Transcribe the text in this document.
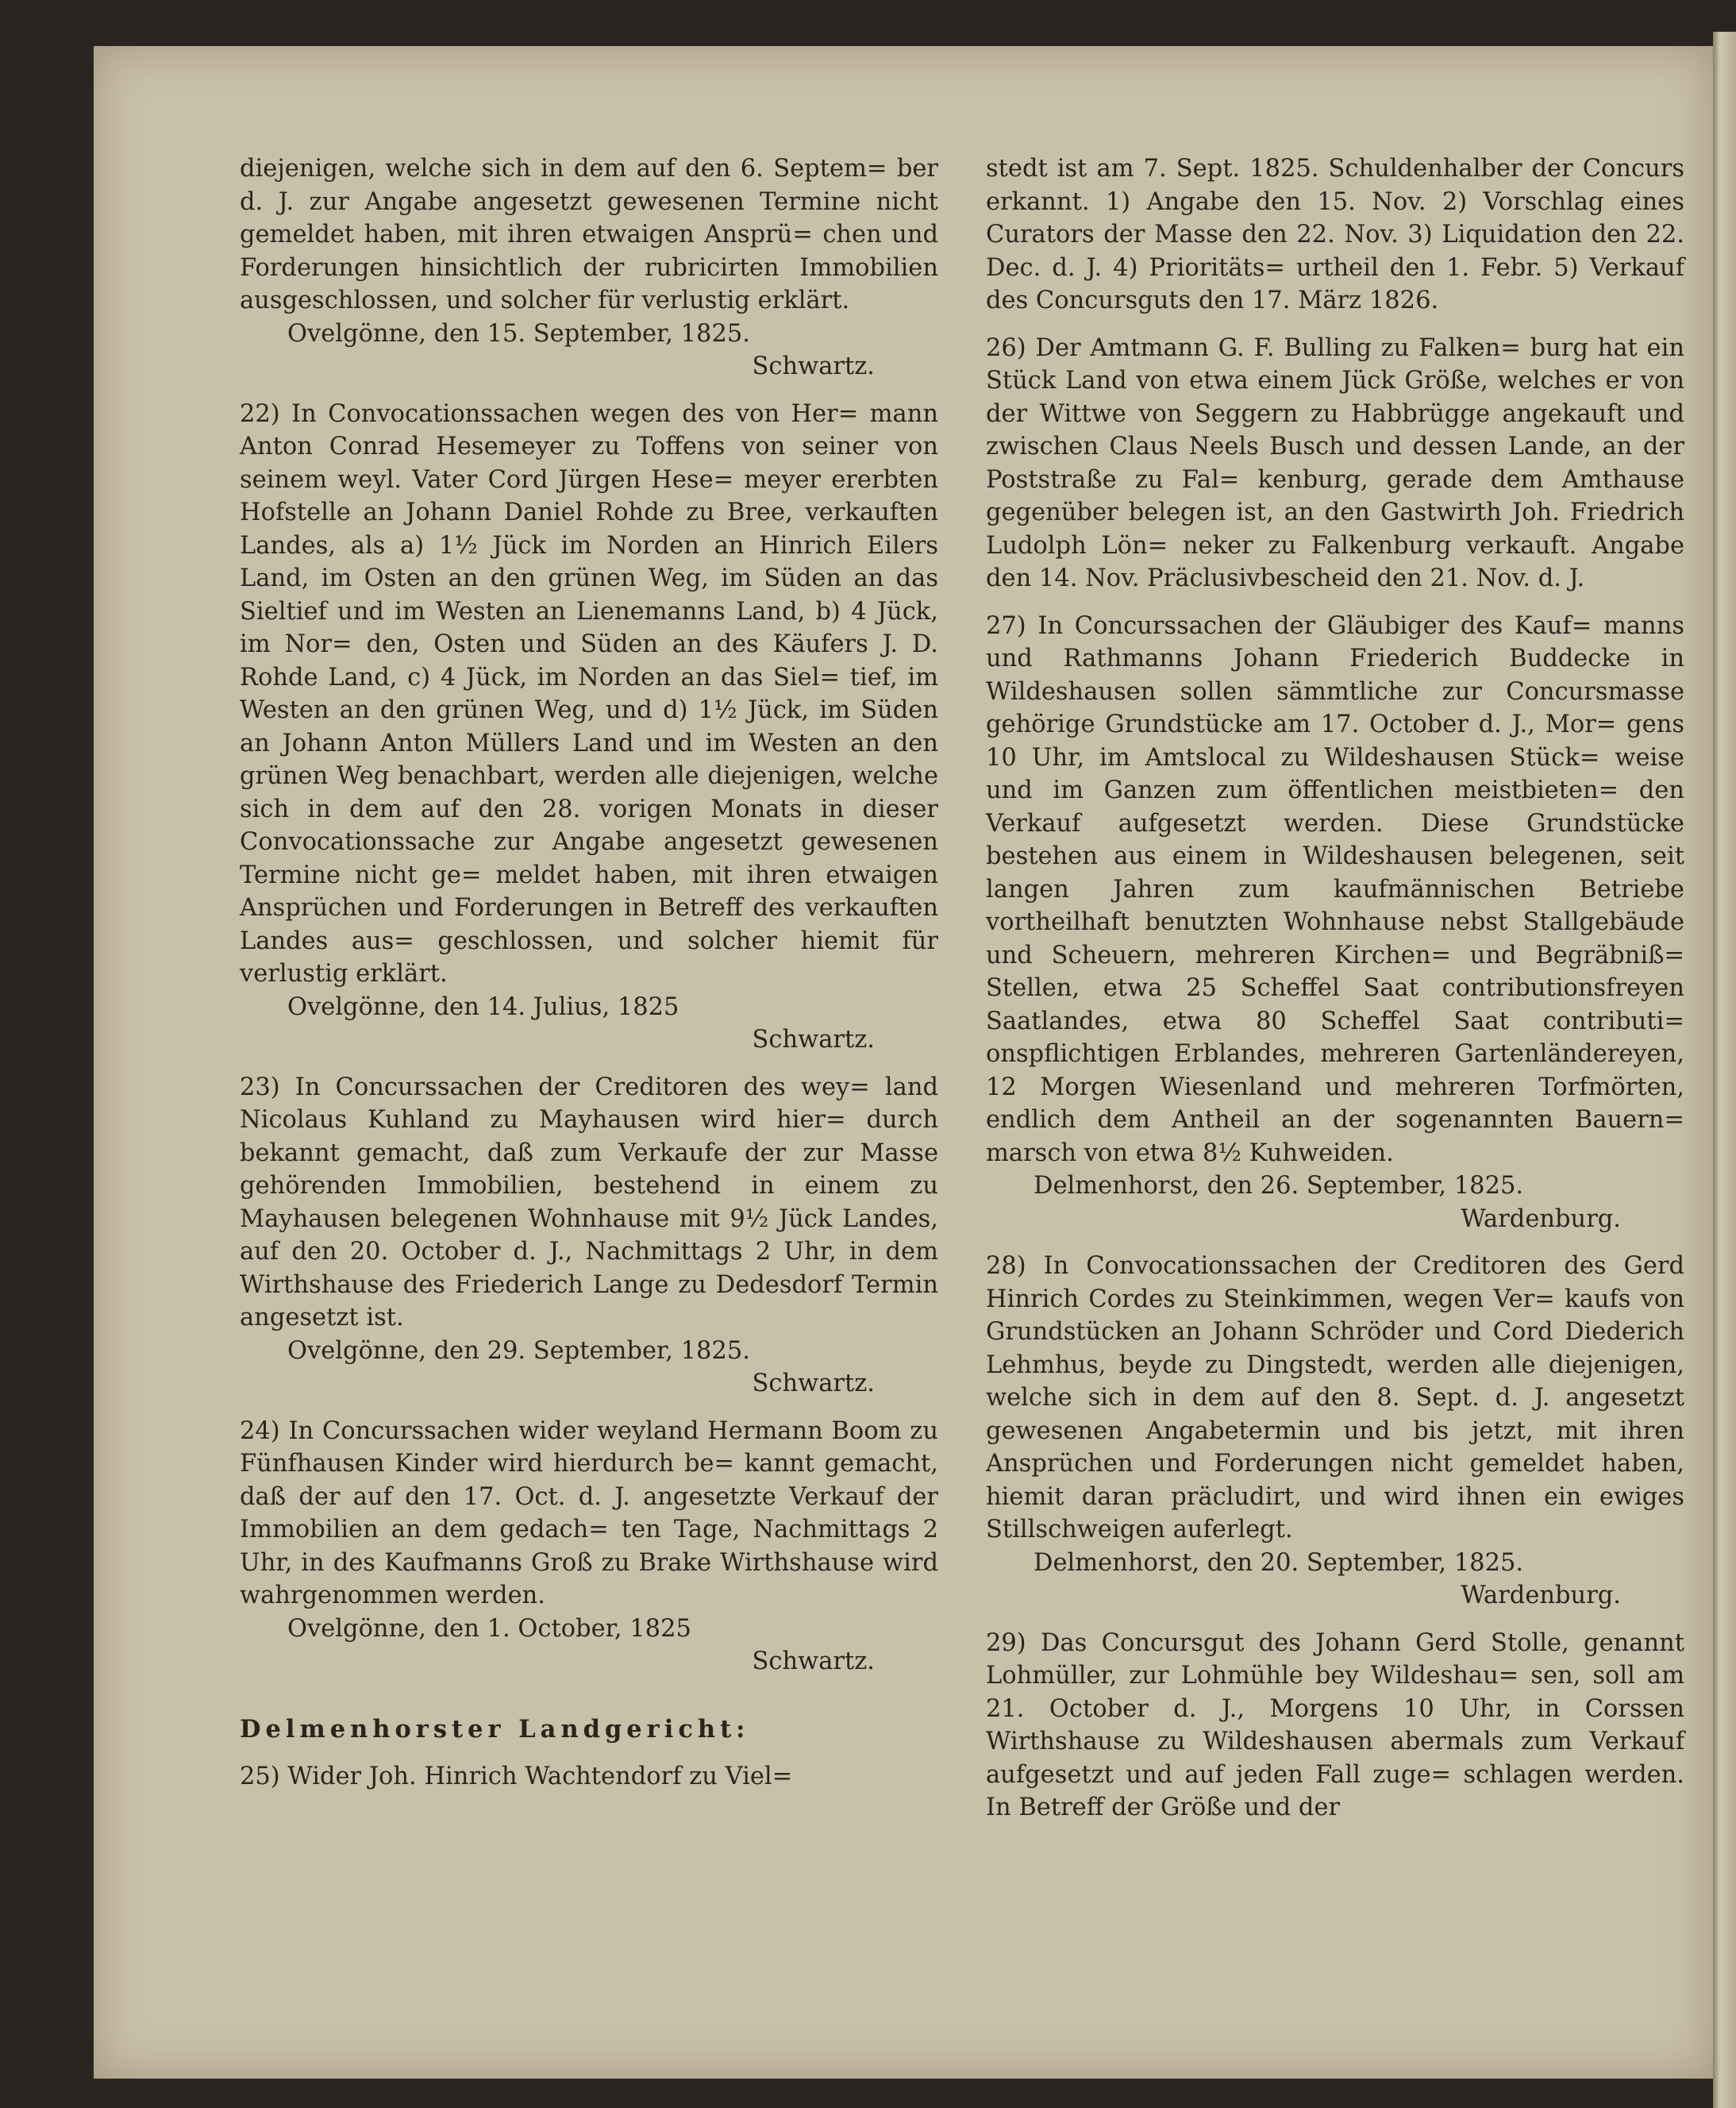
diejenigen, welche sich in dem auf den 6. Septem= ber d. J. zur Angabe angesetzt gewesenen Termine nicht gemeldet haben, mit ihren etwaigen Ansprü= chen und Forderungen hinsichtlich der rubricirten Immobilien ausgeschlossen, und solcher für verlustig erklärt.

Ovelgönne, den 15. September, 1825.

Schwartz.

22) In Convocationssachen wegen des von Her= mann Anton Conrad Hesemeyer zu Toffens von seiner von seinem weyl. Vater Cord Jürgen Hese= meyer ererbten Hofstelle an Johann Daniel Rohde zu Bree, verkauften Landes, als a) 1½ Jück im Norden an Hinrich Eilers Land, im Osten an den grünen Weg, im Süden an das Sieltief und im Westen an Lienemanns Land, b) 4 Jück, im Nor= den, Osten und Süden an des Käufers J. D. Rohde Land, c) 4 Jück, im Norden an das Siel= tief, im Westen an den grünen Weg, und d) 1½ Jück, im Süden an Johann Anton Müllers Land und im Westen an den grünen Weg benachbart, werden alle diejenigen, welche sich in dem auf den 28. vorigen Monats in dieser Convocationssache zur Angabe angesetzt gewesenen Termine nicht ge= meldet haben, mit ihren etwaigen Ansprüchen und Forderungen in Betreff des verkauften Landes aus= geschlossen, und solcher hiemit für verlustig erklärt.

Ovelgönne, den 14. Julius, 1825

Schwartz.

23) In Concurssachen der Creditoren des wey= land Nicolaus Kuhland zu Mayhausen wird hier= durch bekannt gemacht, daß zum Verkaufe der zur Masse gehörenden Immobilien, bestehend in einem zu Mayhausen belegenen Wohnhause mit 9½ Jück Landes, auf den 20. October d. J., Nachmittags 2 Uhr, in dem Wirthshause des Friederich Lange zu Dedesdorf Termin angesetzt ist.

Ovelgönne, den 29. September, 1825.

Schwartz.

24) In Concurssachen wider weyland Hermann Boom zu Fünfhausen Kinder wird hierdurch be= kannt gemacht, daß der auf den 17. Oct. d. J. angesetzte Verkauf der Immobilien an dem gedach= ten Tage, Nachmittags 2 Uhr, in des Kaufmanns Groß zu Brake Wirthshause wird wahrgenommen werden.

Ovelgönne, den 1. October, 1825

Schwartz.

Delmenhorster Landgericht:

25) Wider Joh. Hinrich Wachtendorf zu Viel=

stedt ist am 7. Sept. 1825. Schuldenhalber der Concurs erkannt. 1) Angabe den 15. Nov. 2) Vorschlag eines Curators der Masse den 22. Nov. 3) Liquidation den 22. Dec. d. J. 4) Prioritäts= urtheil den 1. Febr. 5) Verkauf des Concursguts den 17. März 1826.

26) Der Amtmann G. F. Bulling zu Falken= burg hat ein Stück Land von etwa einem Jück Größe, welches er von der Wittwe von Seggern zu Habbrügge angekauft und zwischen Claus Neels Busch und dessen Lande, an der Poststraße zu Fal= kenburg, gerade dem Amthause gegenüber belegen ist, an den Gastwirth Joh. Friedrich Ludolph Lön= neker zu Falkenburg verkauft. Angabe den 14. Nov. Präclusivbescheid den 21. Nov. d. J.

27) In Concurssachen der Gläubiger des Kauf= manns und Rathmanns Johann Friederich Buddecke in Wildeshausen sollen sämmtliche zur Concursmasse gehörige Grundstücke am 17. October d. J., Mor= gens 10 Uhr, im Amtslocal zu Wildeshausen Stück= weise und im Ganzen zum öffentlichen meistbieten= den Verkauf aufgesetzt werden. Diese Grundstücke bestehen aus einem in Wildeshausen belegenen, seit langen Jahren zum kaufmännischen Betriebe vortheilhaft benutzten Wohnhause nebst Stallgebäude und Scheuern, mehreren Kirchen= und Begräbniß= Stellen, etwa 25 Scheffel Saat contributionsfreyen Saatlandes, etwa 80 Scheffel Saat contributi= onspflichtigen Erblandes, mehreren Gartenländereyen, 12 Morgen Wiesenland und mehreren Torfmörten, endlich dem Antheil an der sogenannten Bauern= marsch von etwa 8½ Kuhweiden.

Delmenhorst, den 26. September, 1825.

Wardenburg.

28) In Convocationssachen der Creditoren des Gerd Hinrich Cordes zu Steinkimmen, wegen Ver= kaufs von Grundstücken an Johann Schröder und Cord Diederich Lehmhus, beyde zu Dingstedt, werden alle diejenigen, welche sich in dem auf den 8. Sept. d. J. angesetzt gewesenen Angabetermin und bis jetzt, mit ihren Ansprüchen und Forderungen nicht gemeldet haben, hiemit daran präcludirt, und wird ihnen ein ewiges Stillschweigen auferlegt.

Delmenhorst, den 20. September, 1825.

Wardenburg.

29) Das Concursgut des Johann Gerd Stolle, genannt Lohmüller, zur Lohmühle bey Wildeshau= sen, soll am 21. October d. J., Morgens 10 Uhr, in Corssen Wirthshause zu Wildeshausen abermals zum Verkauf aufgesetzt und auf jeden Fall zuge= schlagen werden. In Betreff der Größe und der
